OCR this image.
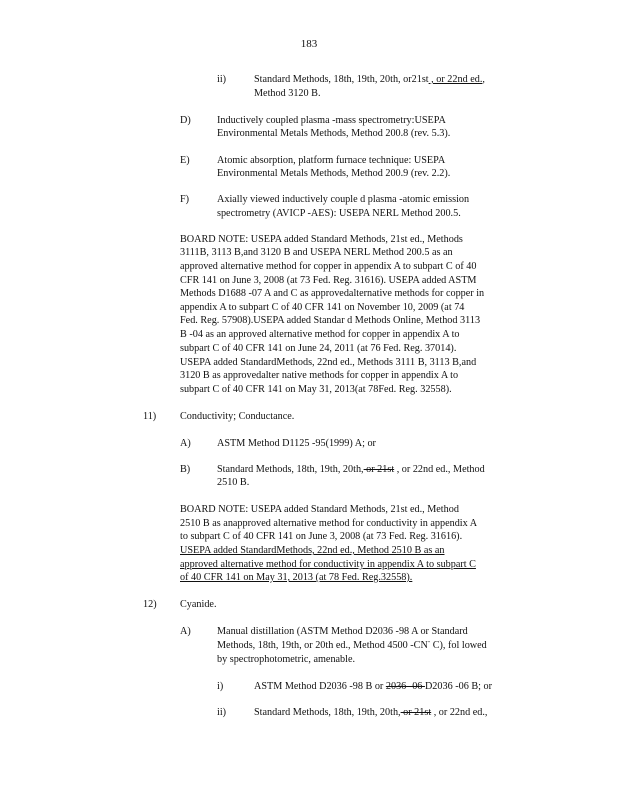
183
ii)	Standard Methods, 18th, 19th, 20th, or21st , or 22nd ed.,
Method 3120 B.
D)	Inductively coupled plasma -mass spectrometry:USEPA
Environmental Metals Methods, Method 200.8 (rev. 5.3).
E)	Atomic absorption, platform furnace technique: USEPA
Environmental Metals Methods, Method 200.9 (rev. 2.2).
F)	Axially viewed inductively couple d plasma -atomic emission
spectrometry (AVICP -AES): USEPA NERL Method 200.5.
BOARD NOTE: USEPA added Standard Methods, 21st ed., Methods
3111B, 3113 B,and 3120 B and USEPA NERL Method 200.5 as an
approved alternative method for copper in appendix A to subpart C of 40
CFR 141 on June 3, 2008 (at 73 Fed. Reg. 31616). USEPA added ASTM
Methods D1688 -07 A and C as approvedalternative methods for copper in
appendix A to subpart C of 40 CFR 141 on November 10, 2009 (at 74
Fed. Reg. 57908).USEPA added Standar d Methods Online, Method 3113
B -04 as an approved alternative method for copper in appendix A to
subpart C of 40 CFR 141 on June 24, 2011 (at 76 Fed. Reg. 37014).
USEPA added StandardMethods, 22nd ed., Methods 3111 B, 3113 B,and
3120 B as approvedalter native methods for copper in appendix A to
subpart C of 40 CFR 141 on May 31, 2013(at 78Fed. Reg. 32558).
11) Conductivity; Conductance.
A)	ASTM Method D1125 -95(1999) A; or
B)	Standard Methods, 18th, 19th, 20th, or 21st , or 22nd ed., Method
2510 B.
BOARD NOTE: USEPA added Standard Methods, 21st ed., Method
2510 B as anapproved alternative method for conductivity in appendix A
to subpart C of 40 CFR 141 on June 3, 2008 (at 73 Fed. Reg. 31616).
USEPA added StandardMethods, 22nd ed., Method 2510 B as an
approved alternative method for conductivity in appendix A to subpart C
of 40 CFR 141 on May 31, 2013 (at 78 Fed. Reg.32558).
12) Cyanide.
A)	Manual distillation (ASTM Method D2036 -98 A or Standard
Methods, 18th, 19th, or 20th ed., Method 4500 -CN- C), fol lowed
by spectrophotometric, amenable.
i)	ASTM Method D2036 -98 B or 2036 -06 D2036 -06 B; or
ii)	Standard Methods, 18th, 19th, 20th, or 21st , or 22nd ed.,
